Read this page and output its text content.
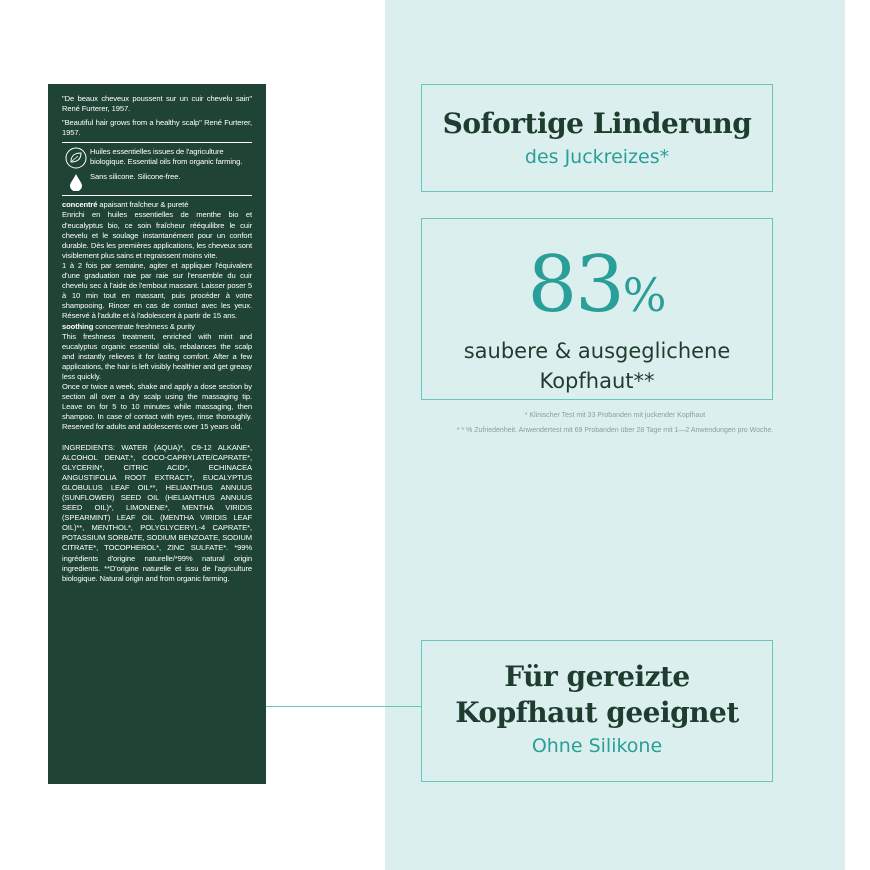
"De beaux cheveux poussent sur un cuir chevelu sain" René Furterer, 1957.

"Beautiful hair grows from a healthy scalp" René Furterer, 1957.

Huiles essentielles issues de l'agriculture biologique. Essential oils from organic farming.

Sans silicone. Silicone-free.

concentré apaisant fraîcheur & pureté

Enrichi en huiles essentielles de menthe bio et d'eucalyptus bio, ce soin fraîcheur rééquilibre le cuir chevelu et le soulage instantanément pour un confort durable. Dès les premières applications, les cheveux sont visiblement plus sains et regraissent moins vite.

1 à 2 fois par semaine, agiter et appliquer l'équivalent d'une graduation raie par raie sur l'ensemble du cuir chevelu sec à l'aide de l'embout massant. Laisser poser 5 à 10 min tout en massant, puis procéder à votre shampooing. Rincer en cas de contact avec les yeux. Réservé à l'adulte et à l'adolescent à partir de 15 ans.

soothing concentrate freshness & purity

This freshness treatment, enriched with mint and eucalyptus organic essential oils, rebalances the scalp and instantly relieves it for lasting comfort. After a few applications, the hair is left visibly healthier and get greasy less quickly.

Once or twice a week, shake and apply a dose section by section all over a dry scalp using the massaging tip. Leave on for 5 to 10 minutes while massaging, then shampoo. In case of contact with eyes, rinse thoroughly. Reserved for adults and adolescents over 15 years old.

INGREDIENTS: WATER (AQUA)*, C9-12 ALKANE*, ALCOHOL DENAT.*, COCO-CAPRYLATE/CAPRATE*, GLYCERIN*, CITRIC ACID*, ECHINACEA ANGUSTIFOLIA ROOT EXTRACT*, EUCALYPTUS GLOBULUS LEAF OIL**, HELIANTHUS ANNUUS (SUNFLOWER) SEED OIL (HELIANTHUS ANNUUS SEED OIL)*, LIMONENE*, MENTHA VIRIDIS (SPEARMINT) LEAF OIL (MENTHA VIRIDIS LEAF OIL)**, MENTHOL*, POLYGLYCERYL-4 CAPRATE*, POTASSIUM SORBATE, SODIUM BENZOATE, SODIUM CITRATE*, TOCOPHEROL*, ZINC SULFATE*. *99% ingrédients d'origine naturelle/*99% natural origin ingredients. **D'origine naturelle et issu de l'agriculture biologique. Natural origin and from organic farming.

Sofortige Linderung
des Juckreizes*
83%
saubere & ausgeglichene
Kopfhaut**
* Klinischer Test mit 33 Probanden mit juckender Kopfhaut
* * % Zufriedenheit. Anwendertest mit 69 Probanden über 28 Tage mit 1—2 Anwendungen pro Woche.
Für gereizte
Kopfhaut geeignet
Ohne Silikone
